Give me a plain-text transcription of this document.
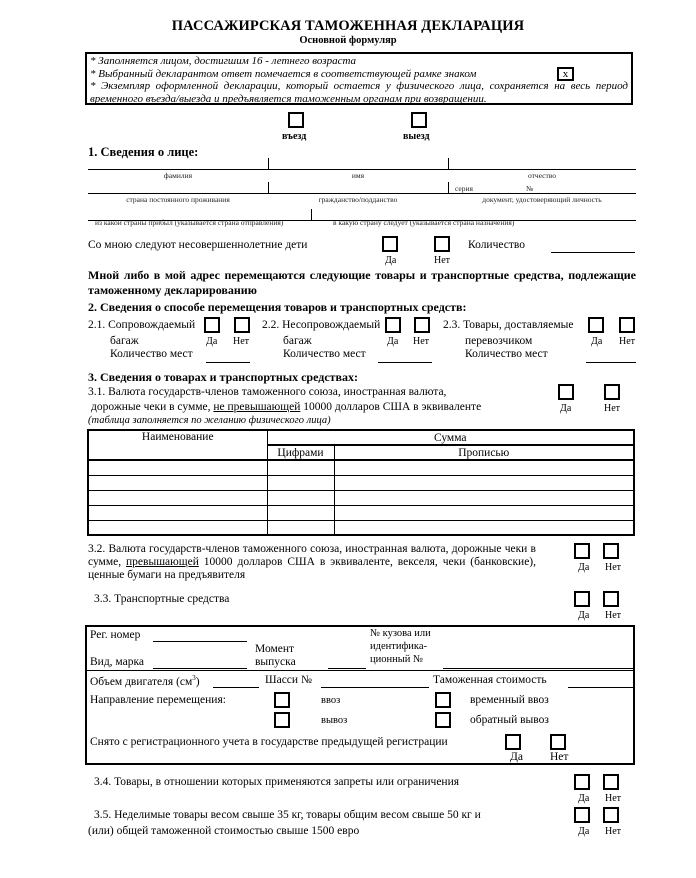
ПАССАЖИРСКАЯ ТАМОЖЕННАЯ ДЕКЛАРАЦИЯ
Основной формуляр
* Заполняется лицом, достигшим 16 - летнего возраста
* Выбранный декларантом ответ помечается в соответствующей рамке знаком	x
* Экземпляр оформленной декларации, который остается у физического лица, сохраняется на весь период временного въезда/выезда и предъявляется таможенным органам при возвращении.
въезд	выезд
1. Сведения о лице:
фамилия	имя	отчество
серия	№
страна постоянного проживания	гражданство/подданство	документ, удостоверяющий личность
из какой страны прибыл (указывается страна отправления)	в какую страну следует (указывается страна назначения)
Со мною следуют несовершеннолетние дети
Да	Нет
Количество
Мной либо в мой адрес перемещаются следующие товары и транспортные средства, подлежащие таможенному декларированию
2. Сведения о способе перемещения товаров и транспортных средств:
2.1. Сопровождаемый
багаж
Количество мест
Да Нет
2.2. Несопровождаемый
багаж
Количество мест
Да Нет
2.3. Товары, доставляемые
перевозчиком
Количество мест
Да Нет
3. Сведения о товарах и транспортных средствах:
3.1. Валюта государств-членов таможенного союза, иностранная валюта,
дорожные чеки в сумме, не превышающей 10000 долларов США в эквиваленте
(таблица заполняется по желанию физического лица)
Да	Нет
Наименование	Сумма	
	Цифрами	Прописью

3.2. Валюта государств-членов таможенного союза, иностранная валюта, дорожные чеки в сумме, превышающей 10000 долларов США в эквиваленте, векселя, чеки (банковские), ценные бумаги на предъявителя
Да Нет
3.3. Транспортные средства
Да Нет
Рег. номер
Момент
выпуска
№ кузова или
идентифика-
ционный №
Вид, марка
Объем двигателя $(см^3)$	Шасси №	Таможенная стоимость
Направление перемещения:	ввоз
вывоз
временный ввоз
обратный вывоз
Снято с регистрационного учета в государстве предыдущей регистрации
Да Нет
3.4. Товары, в отношении которых применяются запреты или ограничения
Да Нет
3.5. Неделимые товары весом свыше 35 кг, товары общим весом свыше 50 кг и
(или) общей таможенной стоимостью свыше 1500 евро	Да Нет
